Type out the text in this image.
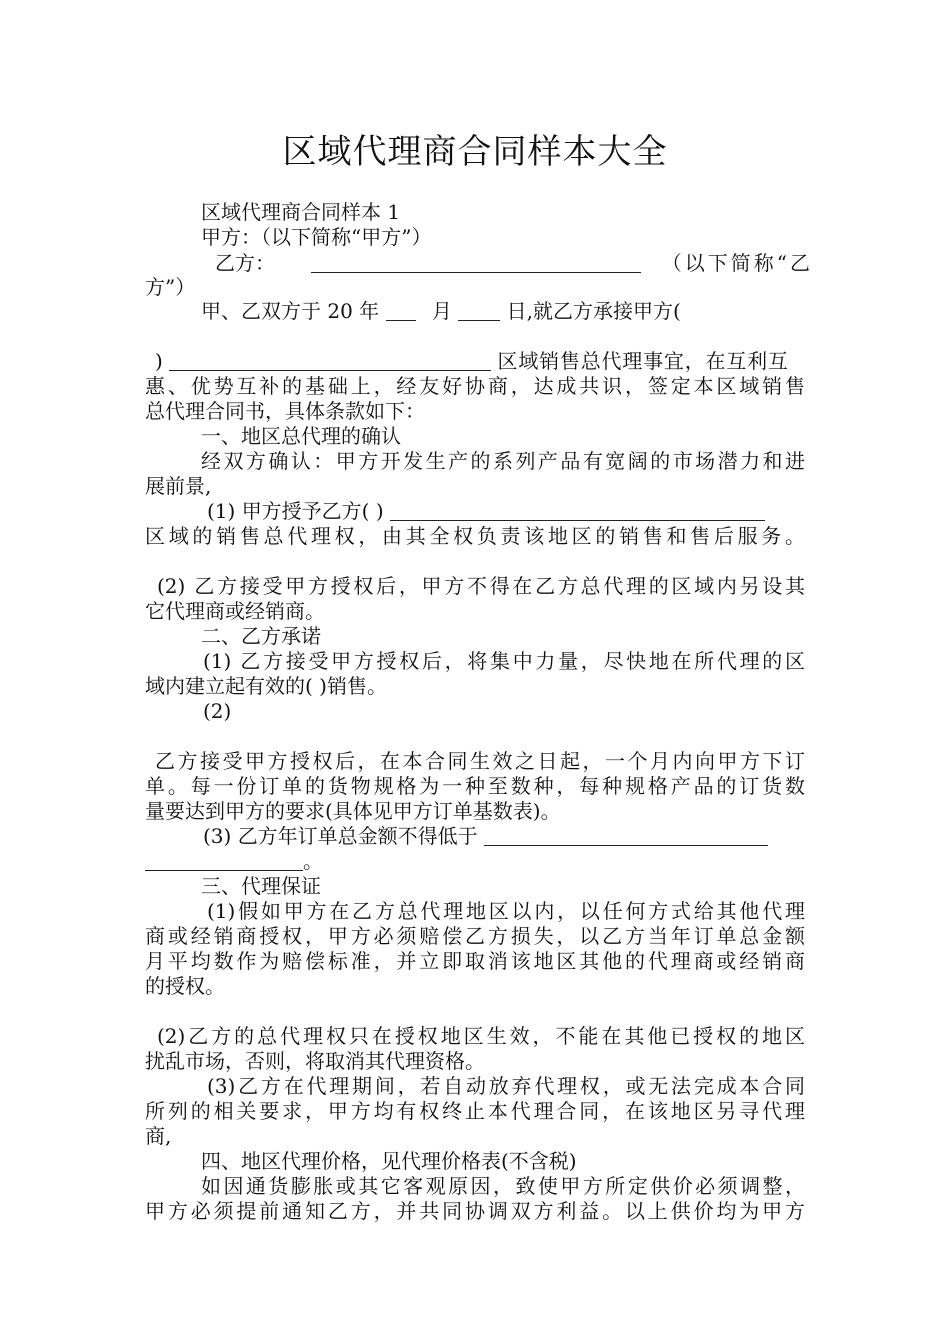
区域代理商合同样本大全
区域代理商合同样本 1
甲方：（以下简称“甲方”）
乙方：	（以下简称“乙
方”）
甲、乙双方于 20 年	月	日,就乙方承接甲方(
)	区域销售总代理事宜，在互利互
惠、优势互补的基础上，经友好协商，达成共识，签定本区域销售
总代理合同书，具体条款如下：
一、地区总代理的确认
经双方确认：甲方开发生产的系列产品有宽阔的市场潜力和进
展前景,
(1) 甲方授予乙方( )
区域的销售总代理权，由其全权负责该地区的销售和售后服务。
(2) 乙方接受甲方授权后，甲方不得在乙方总代理的区域内另设其
它代理商或经销商。
二、乙方承诺
(1) 乙方接受甲方授权后，将集中力量，尽快地在所代理的区
域内建立起有效的( )销售。
(2)
乙方接受甲方授权后，在本合同生效之日起，一个月内向甲方下订
单。每一份订单的货物规格为一种至数种，每种规格产品的订货数
量要达到甲方的要求(具体见甲方订单基数表)。
(3) 乙方年订单总金额不得低于
。
三、代理保证
(1)假如甲方在乙方总代理地区以内，以任何方式给其他代理
商或经销商授权，甲方必须赔偿乙方损失，以乙方当年订单总金额
月平均数作为赔偿标准，并立即取消该地区其他的代理商或经销商
的授权。
(2)乙方的总代理权只在授权地区生效，不能在其他已授权的地区
扰乱市场，否则，将取消其代理资格。
(3)乙方在代理期间，若自动放弃代理权，或无法完成本合同
所列的相关要求，甲方均有权终止本代理合同，在该地区另寻代理
商,
四、地区代理价格，见代理价格表(不含税)
如因通货膨胀或其它客观原因，致使甲方所定供价必须调整，
甲方必须提前通知乙方，并共同协调双方利益。以上供价均为甲方
